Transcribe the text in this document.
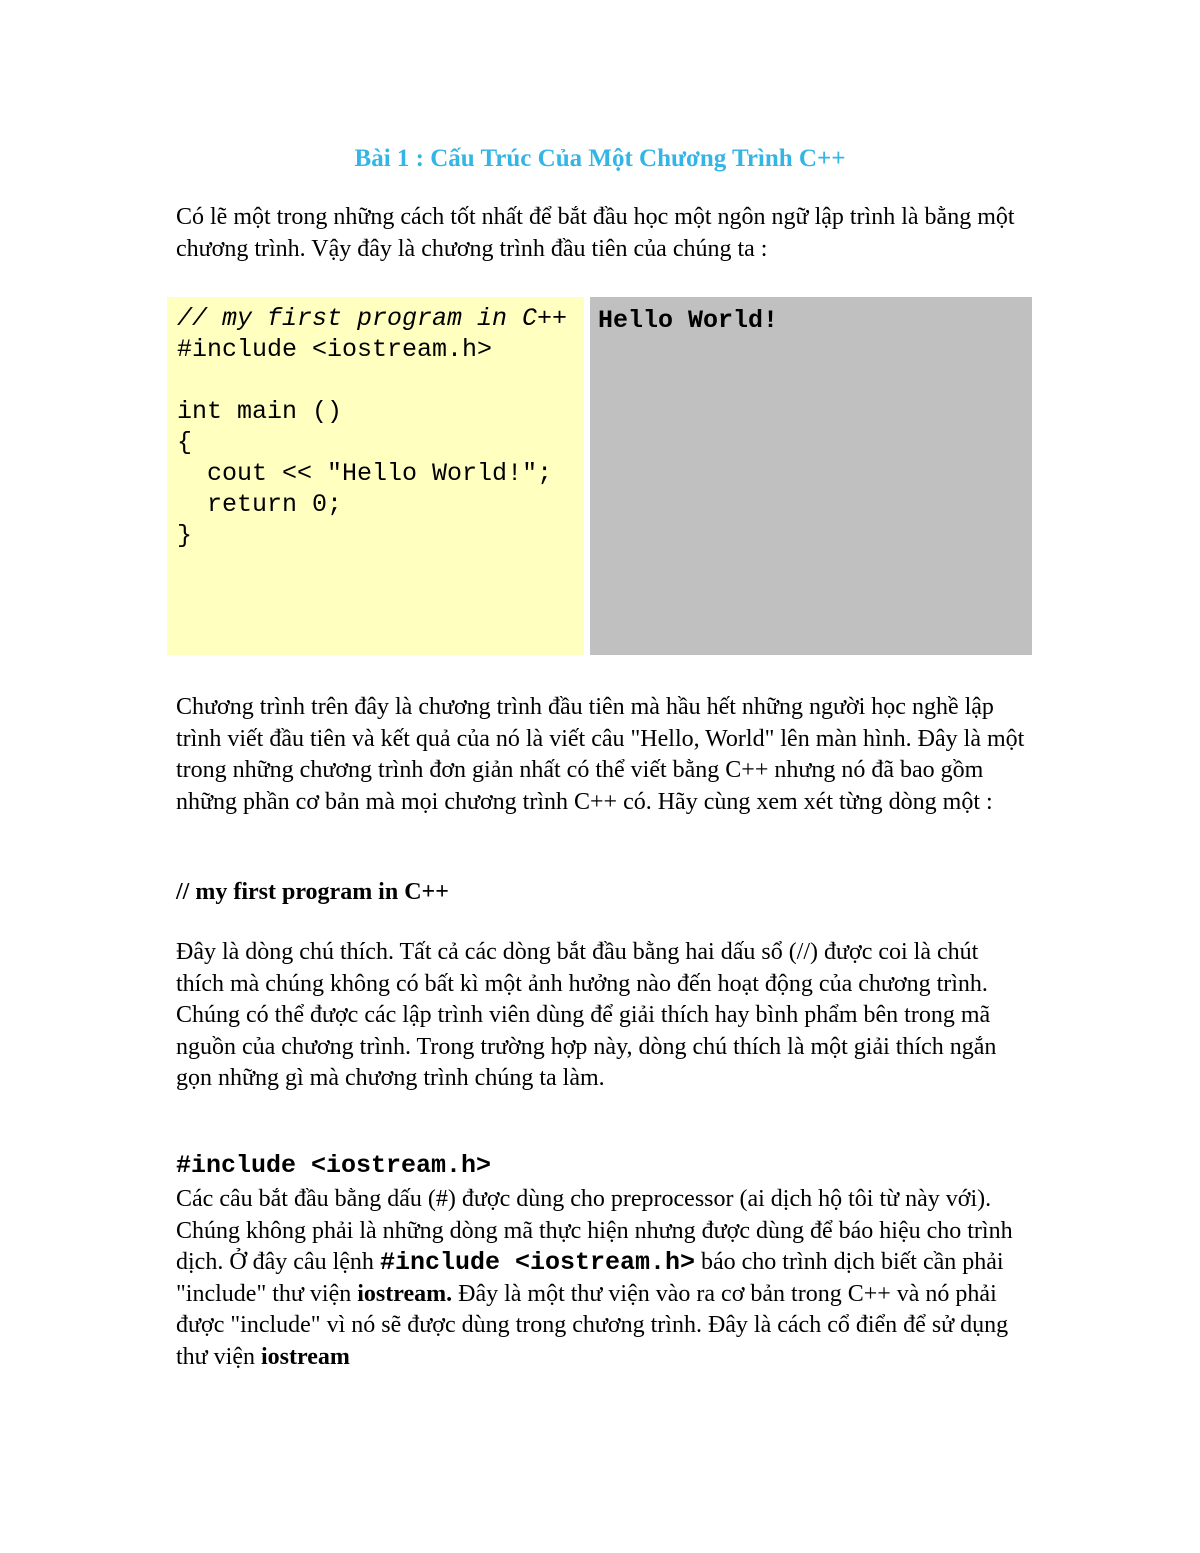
Bài 1 : Cấu Trúc Của Một Chương Trình C++

Có lẽ một trong những cách tốt nhất để bắt đầu học một ngôn ngữ lập trình là bằng một chương trình. Vậy đây là chương trình đầu tiên của chúng ta :

// my first program in C++
#include <iostream.h>

int main ()
{
cout << "Hello World!";
return 0;
}
Hello World!

Chương trình trên đây là chương trình đầu tiên mà hầu hết những người học nghề lập trình viết đầu tiên và kết quả của nó là viết câu "Hello, World" lên màn hình. Đây là một trong những chương trình đơn giản nhất có thể viết bằng C++ nhưng nó đã bao gồm những phần cơ bản mà mọi chương trình C++ có. Hãy cùng xem xét từng dòng một :

// my first program in C++

Đây là dòng chú thích. Tất cả các dòng bắt đầu bằng hai dấu sổ (//) được coi là chút thích mà chúng không có bất kì một ảnh hưởng nào đến hoạt động của chương trình. Chúng có thể được các lập trình viên dùng để giải thích hay bình phẩm bên trong mã nguồn của chương trình. Trong trường hợp này, dòng chú thích là một giải thích ngắn gọn những gì mà chương trình chúng ta làm.

#include <iostream.h>

Các câu bắt đầu bằng dấu (#) được dùng cho preprocessor (ai dịch hộ tôi từ này với). Chúng không phải là những dòng mã thực hiện nhưng được dùng để báo hiệu cho trình dịch. Ở đây câu lệnh #include <iostream.h> báo cho trình dịch biết cần phải "include" thư viện iostream. Đây là một thư viện vào ra cơ bản trong C++ và nó phải được "include" vì nó sẽ được dùng trong chương trình. Đây là cách cổ điển để sử dụng thư viện iostream
